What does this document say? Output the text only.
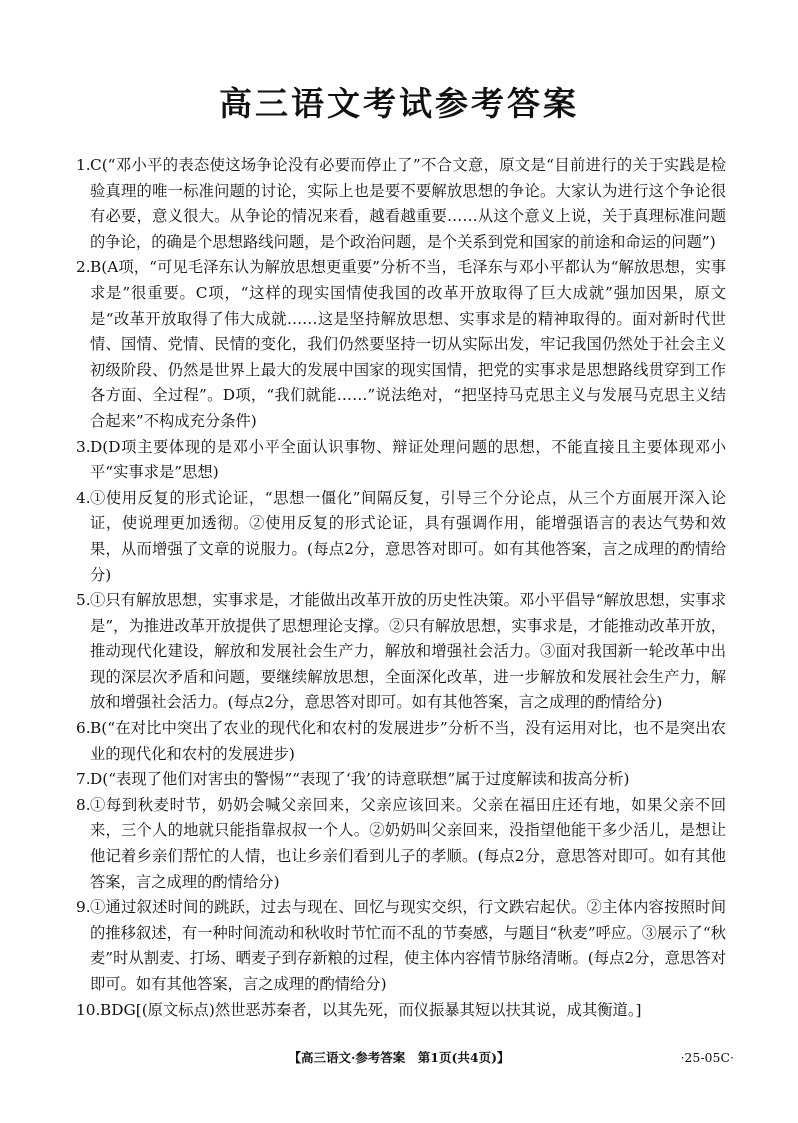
高三语文考试参考答案
1. C(“邓小平的表态使这场争论没有必要而停止了”不合文意，原文是“目前进行的关于实践是检验真理的唯一标准问题的讨论，实际上也是要不要解放思想的争论。大家认为进行这个争论很有必要，意义很大。从争论的情况来看，越看越重要……从这个意义上说，关于真理标准问题的争论，的确是个思想路线问题，是个政治问题，是个关系到党和国家的前途和命运的问题”)
2. B(A项，“可见毛泽东认为解放思想更重要”分析不当，毛泽东与邓小平都认为“解放思想，实事求是”很重要。C项，“这样的现实国情使我国的改革开放取得了巨大成就”强加因果，原文是“改革开放取得了伟大成就……这是坚持解放思想、实事求是的精神取得的。面对新时代世情、国情、党情、民情的变化，我们仍然要坚持一切从实际出发，牢记我国仍然处于社会主义初级阶段、仍然是世界上最大的发展中国家的现实国情，把党的实事求是思想路线贯穿到工作各方面、全过程”。D项，“我们就能……”说法绝对，“把坚持马克思主义与发展马克思主义结合起来”不构成充分条件)
3. D(D项主要体现的是邓小平全面认识事物、辩证处理问题的思想，不能直接且主要体现邓小平“实事求是”思想)
4. ①使用反复的形式论证，“思想一僵化”间隔反复，引导三个分论点，从三个方面展开深入论证，使说理更加透彻。②使用反复的形式论证，具有强调作用，能增强语言的表达气势和效果，从而增强了文章的说服力。(每点2分，意思答对即可。如有其他答案，言之成理的酌情给分)
5. ①只有解放思想，实事求是，才能做出改革开放的历史性决策。邓小平倡导“解放思想，实事求是”，为推进改革开放提供了思想理论支撑。②只有解放思想，实事求是，才能推动改革开放，推动现代化建设，解放和发展社会生产力，解放和增强社会活力。③面对我国新一轮改革中出现的深层次矛盾和问题，要继续解放思想，全面深化改革，进一步解放和发展社会生产力，解放和增强社会活力。(每点2分，意思答对即可。如有其他答案，言之成理的酌情给分)
6. B(“在对比中突出了农业的现代化和农村的发展进步”分析不当，没有运用对比，也不是突出农业的现代化和农村的发展进步)
7. D(“表现了他们对害虫的警惕”“表现了‘我’的诗意联想”属于过度解读和拔高分析)
8. ①每到秋麦时节，奶奶会喊父亲回来，父亲应该回来。父亲在福田庄还有地，如果父亲不回来，三个人的地就只能指靠叔叔一个人。②奶奶叫父亲回来，没指望他能干多少活儿，是想让他记着乡亲们帮忙的人情，也让乡亲们看到儿子的孝顺。(每点2分，意思答对即可。如有其他答案，言之成理的酌情给分)
9. ①通过叙述时间的跳跃，过去与现在、回忆与现实交织，行文跌宕起伏。②主体内容按照时间的推移叙述，有一种时间流动和秋收时节忙而不乱的节奏感，与题目“秋麦”呼应。③展示了“秋麦”时从割麦、打场、晒麦子到存新粮的过程，使主体内容情节脉络清晰。(每点2分，意思答对即可。如有其他答案，言之成理的酌情给分)
10. BDG[(原文标点)然世恶苏秦者，以其先死，而仪振暴其短以扶其说，成其衡道。]
【高三语文·参考答案　第1页(共4页)】	·25-05C·
